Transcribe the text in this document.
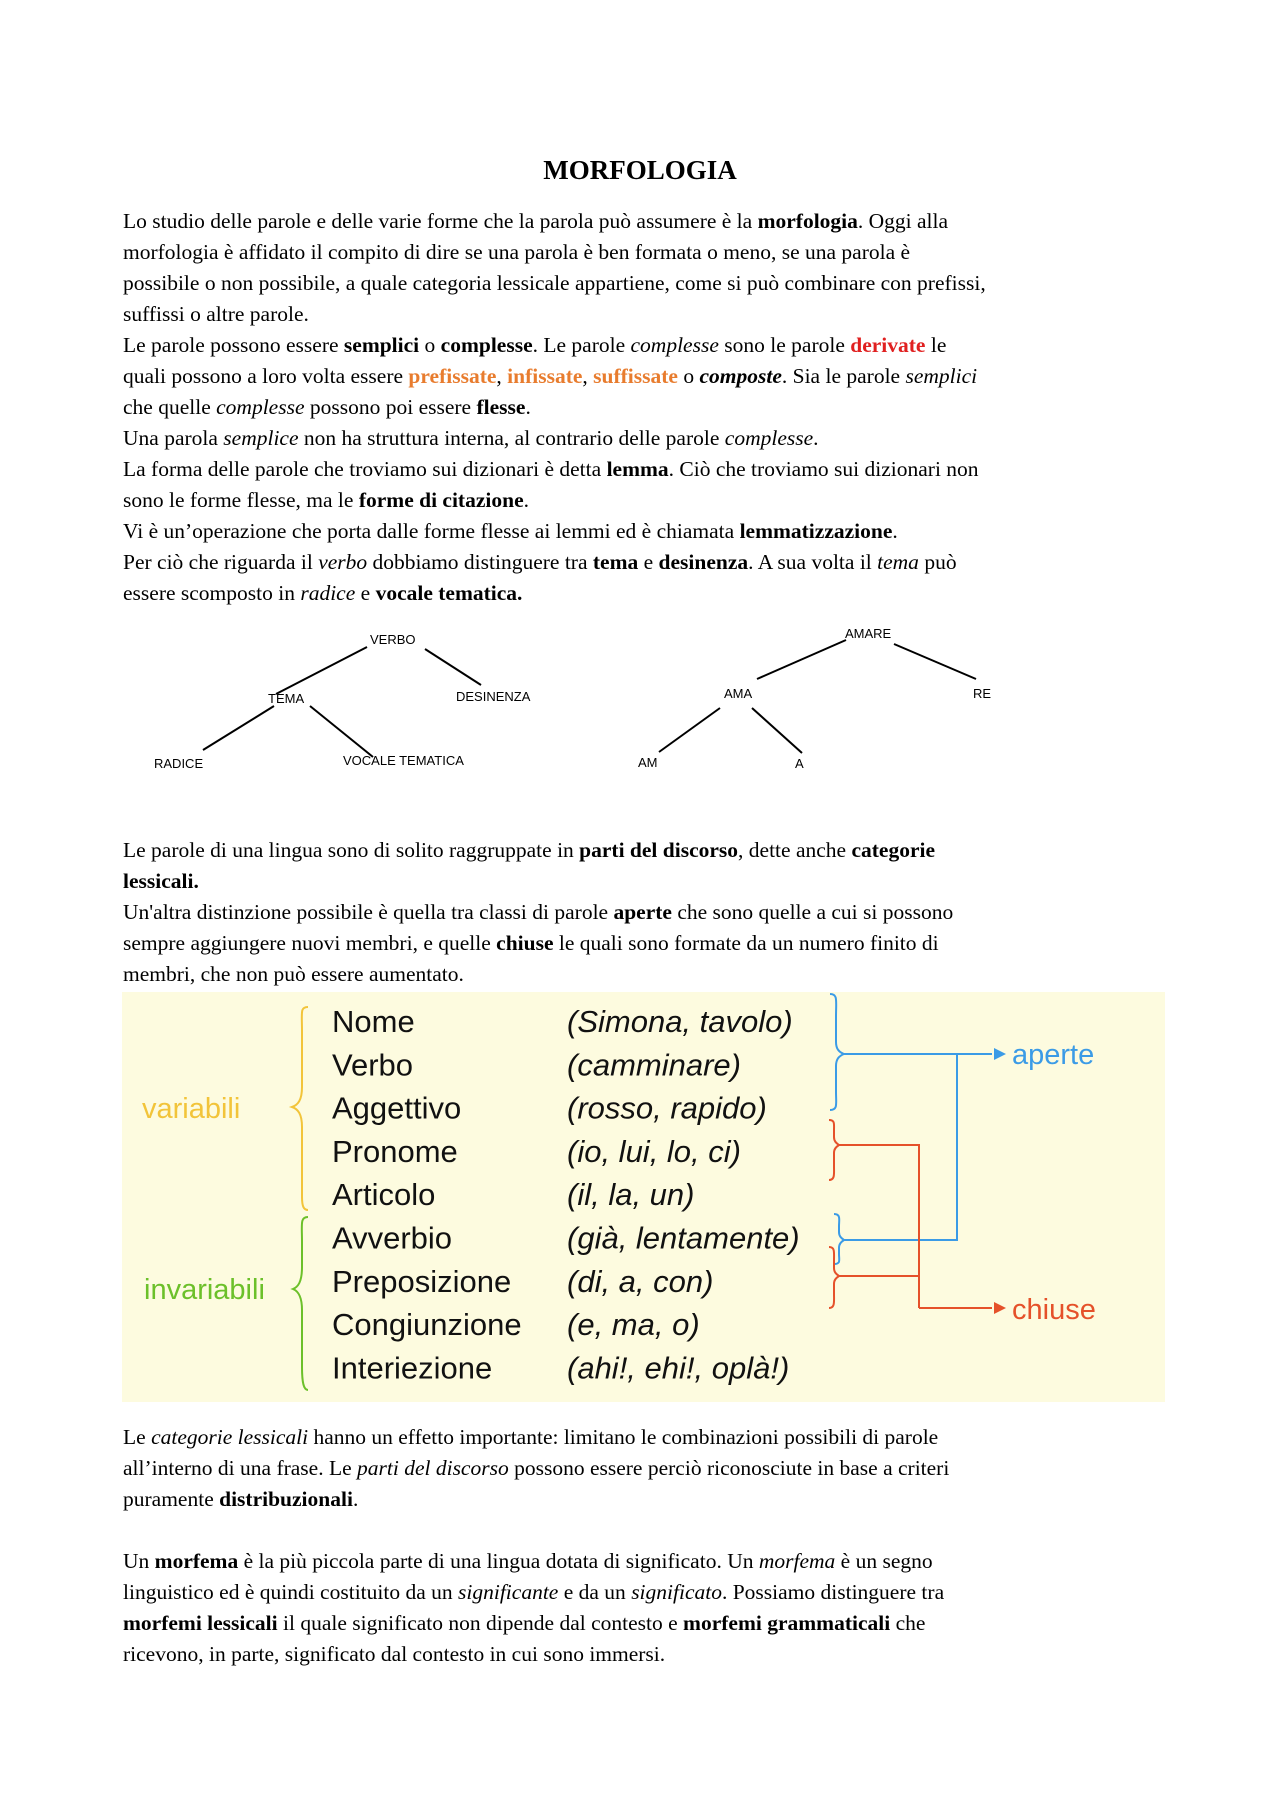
MORFOLOGIA
Lo studio delle parole e delle varie forme che la parola può assumere è la morfologia. Oggi alla
morfologia è affidato il compito di dire se una parola è ben formata o meno, se una parola è
possibile o non possibile, a quale categoria lessicale appartiene, come si può combinare con prefissi,
suffissi o altre parole.
Le parole possono essere semplici o complesse. Le parole complesse sono le parole derivate le
quali possono a loro volta essere prefissate, infissate, suffissate o composte. Sia le parole semplici
che quelle complesse possono poi essere flesse.
Una parola semplice non ha struttura interna, al contrario delle parole complesse.
La forma delle parole che troviamo sui dizionari è detta lemma. Ciò che troviamo sui dizionari non
sono le forme flesse, ma le forme di citazione.
Vi è un’operazione che porta dalle forme flesse ai lemmi ed è chiamata lemmatizzazione.
Per ciò che riguarda il verbo dobbiamo distinguere tra tema e desinenza. A sua volta il tema può
essere scomposto in radice e vocale tematica.
VERBO
TEMA	DESINENZA
RADICE	VOCALE TEMATICA
AMARE
AMA	RE
AM	A
Le parole di una lingua sono di solito raggruppate in parti del discorso, dette anche categorie
lessicali.
Un'altra distinzione possibile è quella tra classi di parole aperte che sono quelle a cui si possono
sempre aggiungere nuovi membri, e quelle chiuse le quali sono formate da un numero finito di
membri, che non può essere aumentato.
variabili
invariabili
Nome	(Simona, tavolo)
Verbo	(camminare)
Aggettivo	(rosso, rapido)
Pronome	(io, lui, lo, ci)
Articolo	(il, la, un)
Avverbio	(già, lentamente)
Preposizione (di, a, con)
Congiunzione (e, ma, o)
Interiezione (ahi!, ehi!, oplà!)
aperte
chiuse
Le categorie lessicali hanno un effetto importante: limitano le combinazioni possibili di parole
all’interno di una frase. Le parti del discorso possono essere perciò riconosciute in base a criteri
puramente distribuzionali.
Un morfema è la più piccola parte di una lingua dotata di significato. Un morfema è un segno
linguistico ed è quindi costituito da un significante e da un significato. Possiamo distinguere tra
morfemi lessicali il quale significato non dipende dal contesto e morfemi grammaticali che
ricevono, in parte, significato dal contesto in cui sono immersi.
